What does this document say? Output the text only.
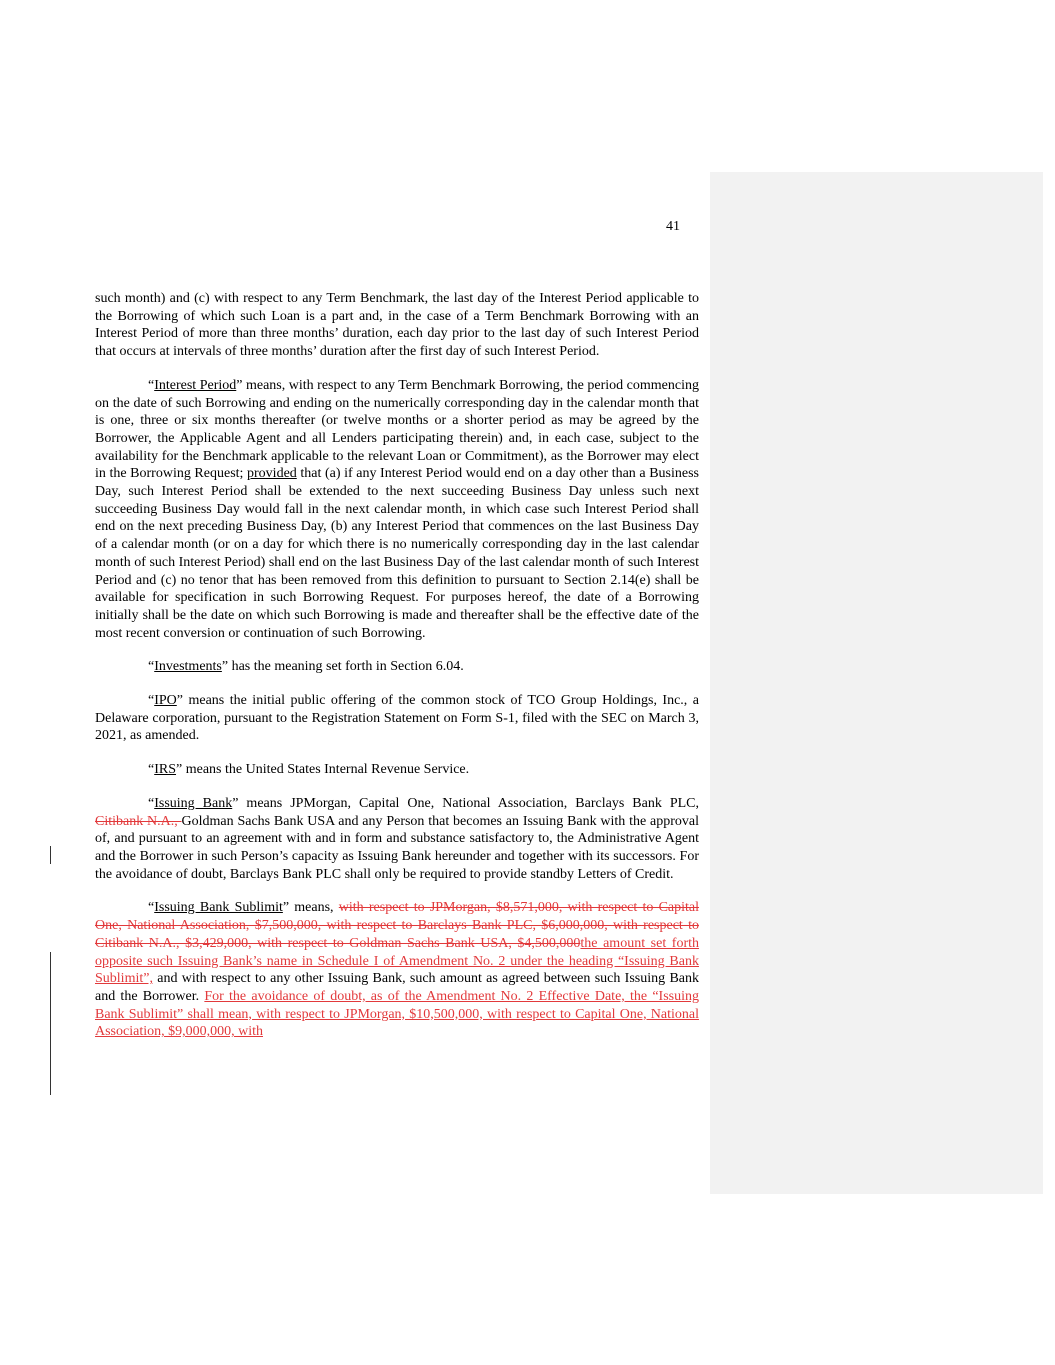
41

such month) and (c) with respect to any Term Benchmark, the last day of the Interest Period applicable to the Borrowing of which such Loan is a part and, in the case of a Term Benchmark Borrowing with an Interest Period of more than three months’ duration, each day prior to the last day of such Interest Period that occurs at intervals of three months’ duration after the first day of such Interest Period.

“Interest Period” means, with respect to any Term Benchmark Borrowing, the period commencing on the date of such Borrowing and ending on the numerically corresponding day in the calendar month that is one, three or six months thereafter (or twelve months or a shorter period as may be agreed by the Borrower, the Applicable Agent and all Lenders participating therein) and, in each case, subject to the availability for the Benchmark applicable to the relevant Loan or Commitment), as the Borrower may elect in the Borrowing Request; provided that (a) if any Interest Period would end on a day other than a Business Day, such Interest Period shall be extended to the next succeeding Business Day unless such next succeeding Business Day would fall in the next calendar month, in which case such Interest Period shall end on the next preceding Business Day, (b) any Interest Period that commences on the last Business Day of a calendar month (or on a day for which there is no numerically corresponding day in the last calendar month of such Interest Period) shall end on the last Business Day of the last calendar month of such Interest Period and (c) no tenor that has been removed from this definition to pursuant to Section 2.14(e) shall be available for specification in such Borrowing Request. For purposes hereof, the date of a Borrowing initially shall be the date on which such Borrowing is made and thereafter shall be the effective date of the most recent conversion or continuation of such Borrowing.

“Investments” has the meaning set forth in Section 6.04.

“IPO” means the initial public offering of the common stock of TCO Group Holdings, Inc., a Delaware corporation, pursuant to the Registration Statement on Form S-1, filed with the SEC on March 3, 2021, as amended.

“IRS” means the United States Internal Revenue Service.

“Issuing Bank” means JPMorgan, Capital One, National Association, Barclays Bank PLC, Citibank N.A., Goldman Sachs Bank USA and any Person that becomes an Issuing Bank with the approval of, and pursuant to an agreement with and in form and substance satisfactory to, the Administrative Agent and the Borrower in such Person’s capacity as Issuing Bank hereunder and together with its successors. For the avoidance of doubt, Barclays Bank PLC shall only be required to provide standby Letters of Credit.

“Issuing Bank Sublimit” means, with respect to JPMorgan, $8,571,000, with respect to Capital One, National Association, $7,500,000, with respect to Barclays Bank PLC, $6,000,000, with respect to Citibank N.A., $3,429,000, with respect to Goldman Sachs Bank USA, $4,500,000the amount set forth opposite such Issuing Bank’s name in Schedule I of Amendment No. 2 under the heading “Issuing Bank Sublimit”, and with respect to any other Issuing Bank, such amount as agreed between such Issuing Bank and the Borrower. For the avoidance of doubt, as of the Amendment No. 2 Effective Date, the “Issuing Bank Sublimit” shall mean, with respect to JPMorgan, $10,500,000, with respect to Capital One, National Association, $9,000,000, with
